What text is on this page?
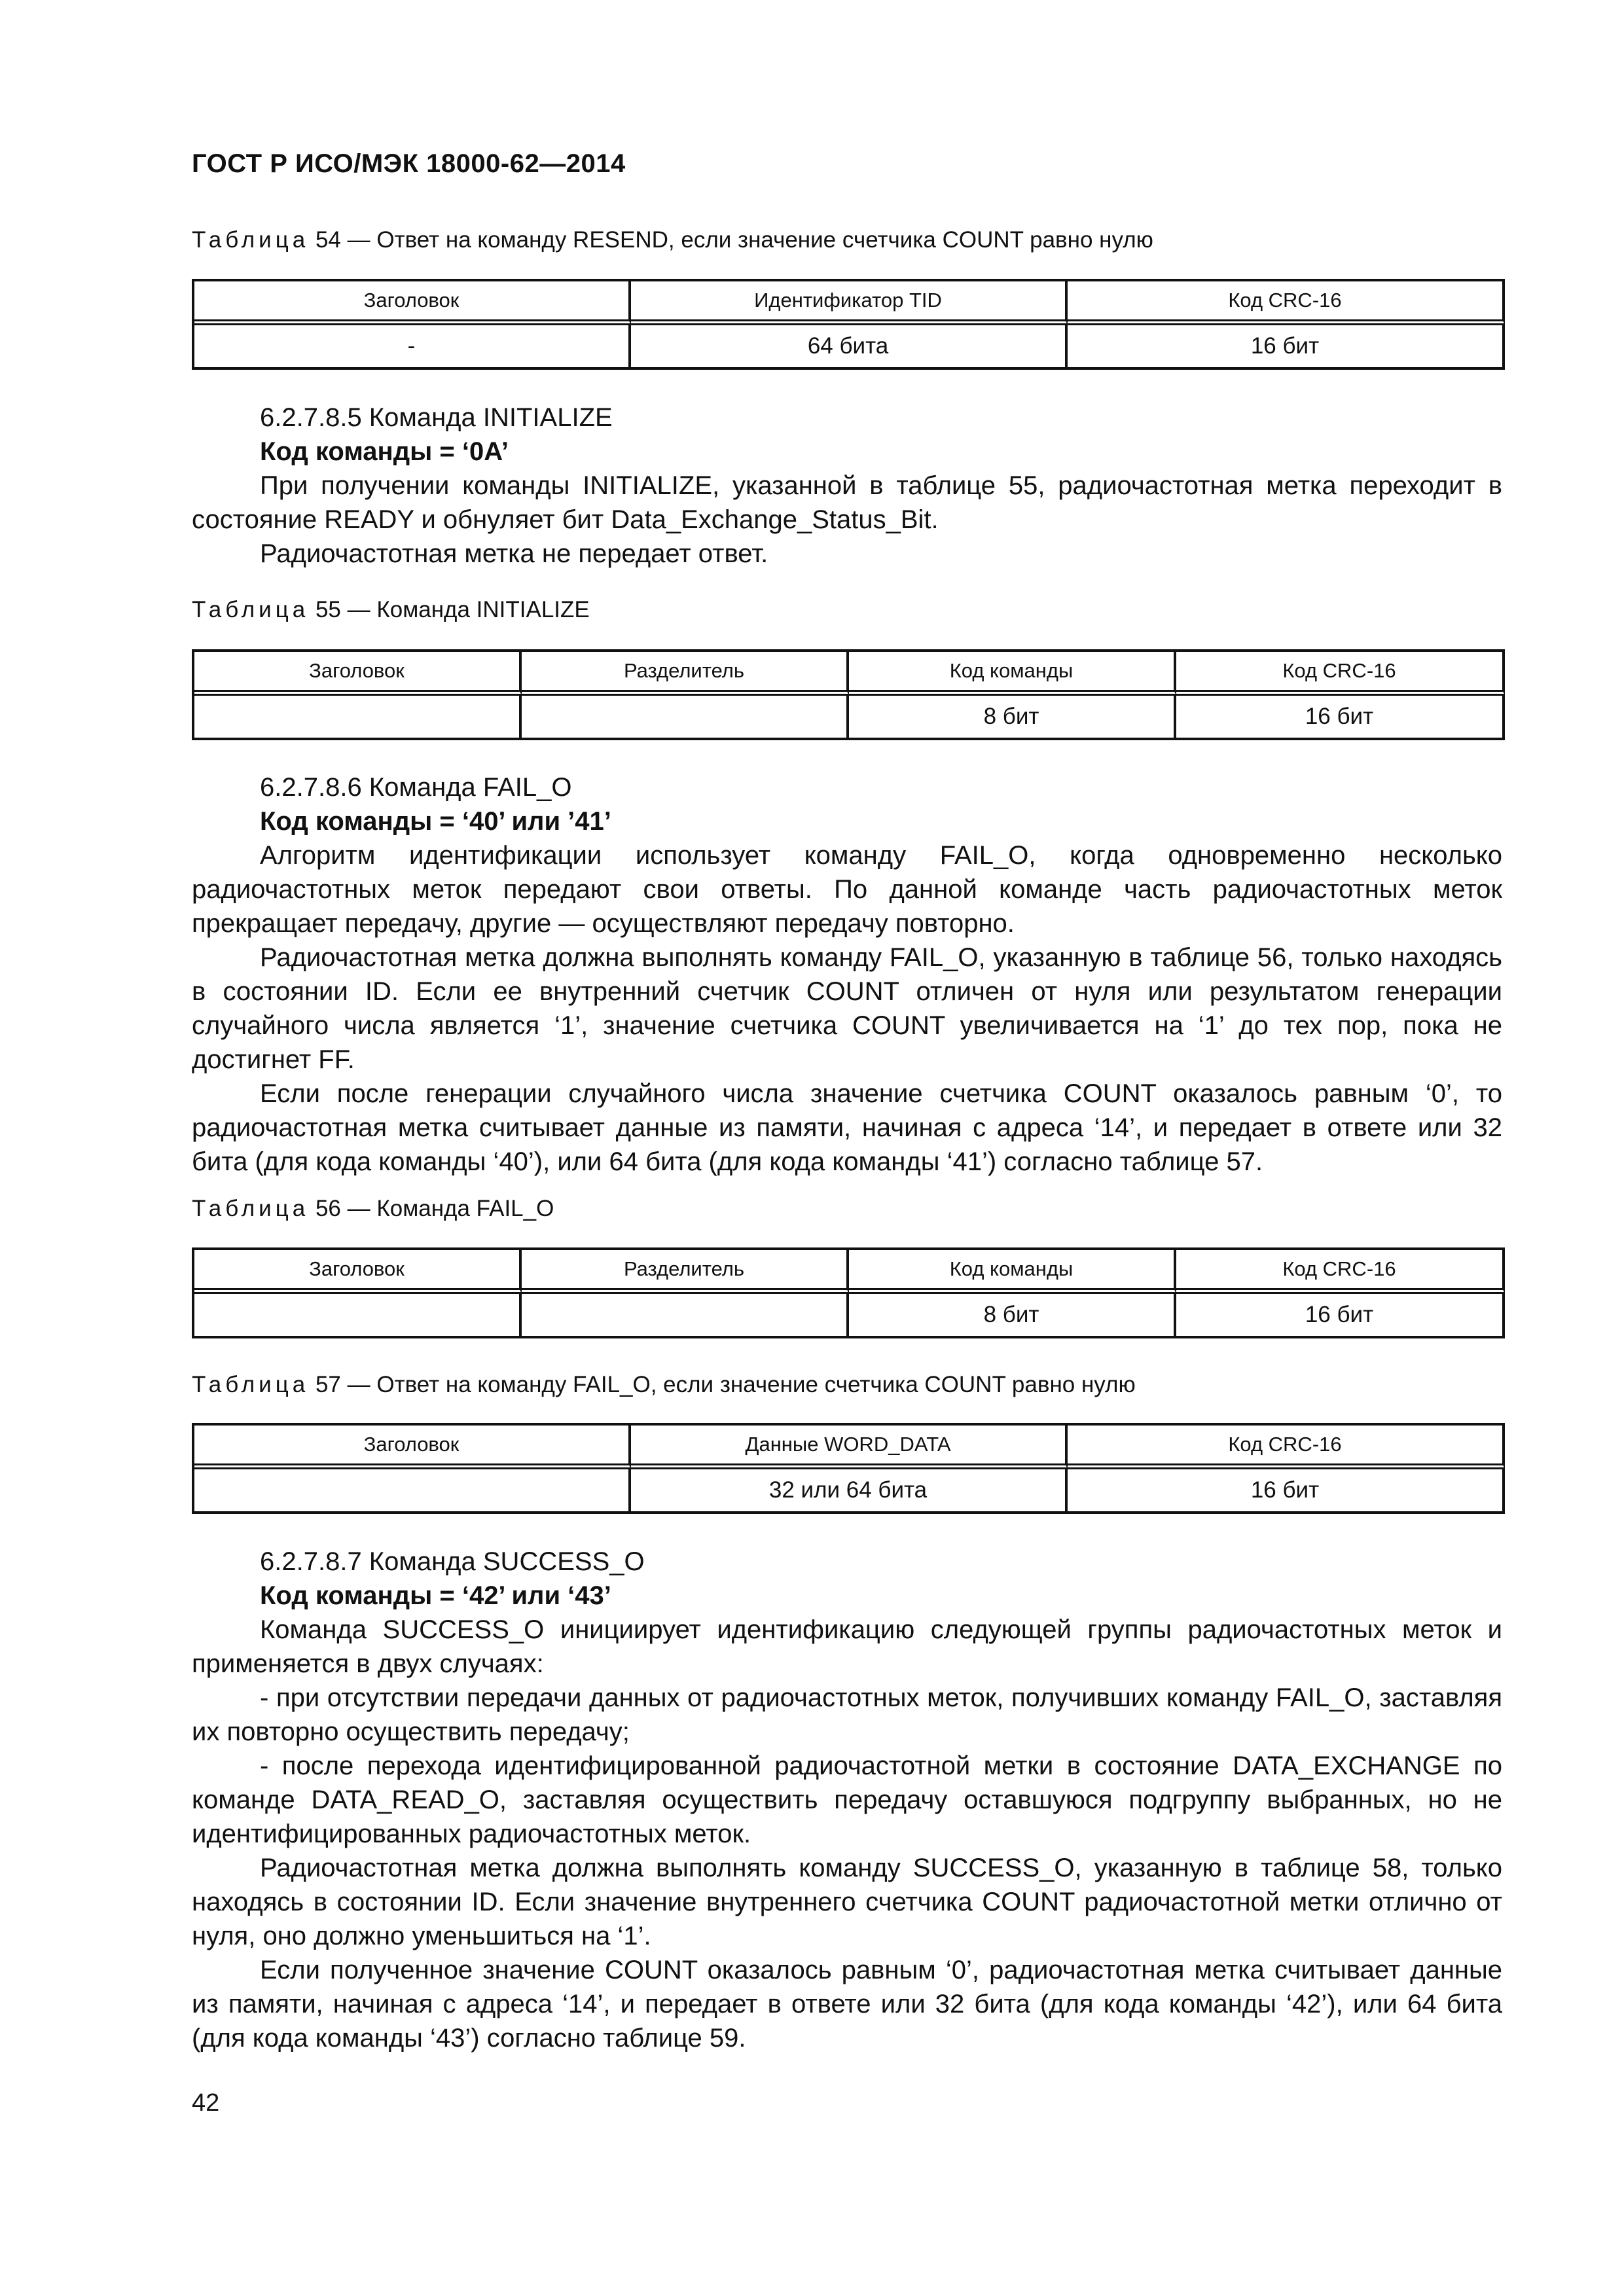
ГОСТ Р ИСО/МЭК 18000-62—2014
Таблица 54 — Ответ на команду RESEND, если значение счетчика COUNT равно нулю
Заголовок	Идентификатор TID	Код CRC-16
-	64 бита	16 бит

6.2.7.8.5 Команда INITIALIZE

Код команды = ‘0A’

При получении команды INITIALIZE, указанной в таблице 55, радиочастотная метка переходит в состояние READY и обнуляет бит Data_Exchange_Status_Bit.

Радиочастотная метка не передает ответ.

Таблица 55 — Команда INITIALIZE
Заголовок	Разделитель	Код команды	Код CRC-16
		8 бит	16 бит

6.2.7.8.6 Команда FAIL_O

Код команды = ‘40’ или ’41’

Алгоритм идентификации использует команду FAIL_O, когда одновременно несколько радиочастотных меток передают свои ответы. По данной команде часть радиочастотных меток прекращает передачу, другие — осуществляют передачу повторно.

Радиочастотная метка должна выполнять команду FAIL_O, указанную в таблице 56, только находясь в состоянии ID. Если ее внутренний счетчик COUNT отличен от нуля или результатом генерации случайного числа является ‘1’, значение счетчика COUNT увеличивается на ‘1’ до тех пор, пока не достигнет FF.

Если после генерации случайного числа значение счетчика COUNT оказалось равным ‘0’, то радиочастотная метка считывает данные из памяти, начиная с адреса ‘14’, и передает в ответе или 32 бита (для кода команды ‘40’), или 64 бита (для кода команды ‘41’) согласно таблице 57.

Таблица 56 — Команда FAIL_O
Заголовок	Разделитель	Код команды	Код CRC-16
		8 бит	16 бит
Таблица 57 — Ответ на команду FAIL_O, если значение счетчика COUNT равно нулю
Заголовок	Данные WORD_DATA	Код CRC-16
	32 или 64 бита	16 бит

6.2.7.8.7 Команда SUCCESS_O

Код команды = ‘42’ или ‘43’

Команда SUCCESS_O инициирует идентификацию следующей группы радиочастотных меток и применяется в двух случаях:

- при отсутствии передачи данных от радиочастотных меток, получивших команду FAIL_O, заставляя их повторно осуществить передачу;

- после перехода идентифицированной радиочастотной метки в состояние DATA_EXCHANGE по команде DATA_READ_O, заставляя осуществить передачу оставшуюся подгруппу выбранных, но не идентифицированных радиочастотных меток.

Радиочастотная метка должна выполнять команду SUCCESS_O, указанную в таблице 58, только находясь в состоянии ID. Если значение внутреннего счетчика COUNT радиочастотной метки отлично от нуля, оно должно уменьшиться на ‘1’.

Если полученное значение COUNT оказалось равным ‘0’, радиочастотная метка считывает данные из памяти, начиная с адреса ‘14’, и передает в ответе или 32 бита (для кода команды ‘42’), или 64 бита (для кода команды ‘43’) согласно таблице 59.

42
